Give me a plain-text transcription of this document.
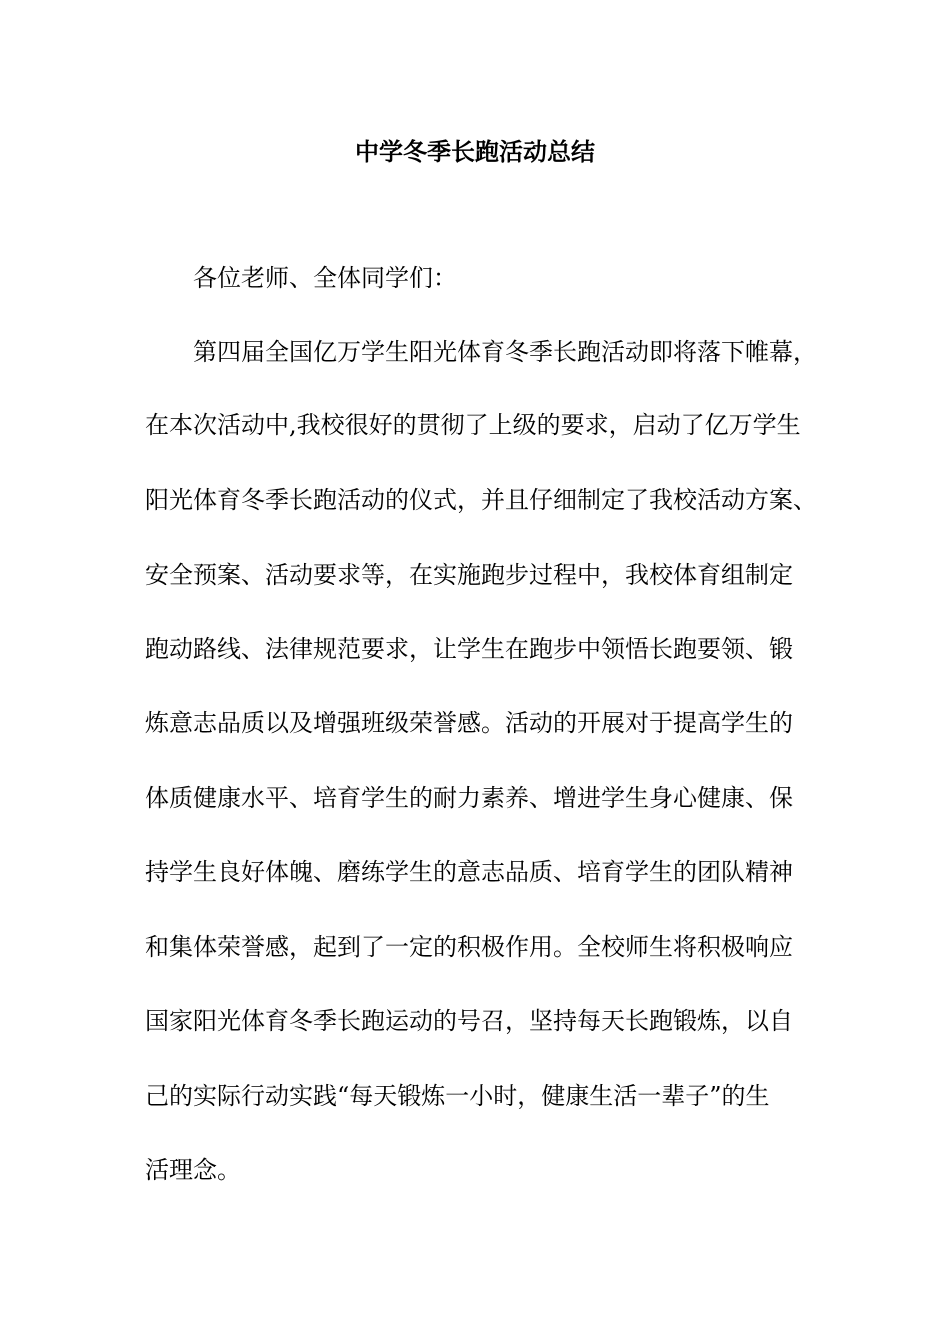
中学冬季长跑活动总结

各位老师、全体同学们：

第四届全国亿万学生阳光体育冬季长跑活动即将落下帷幕，

在本次活动中,我校很好的贯彻了上级的要求，启动了亿万学生

阳光体育冬季长跑活动的仪式，并且仔细制定了我校活动方案、

安全预案、活动要求等，在实施跑步过程中，我校体育组制定

跑动路线、法律规范要求，让学生在跑步中领悟长跑要领、锻

炼意志品质以及增强班级荣誉感。活动的开展对于提高学生的

体质健康水平、培育学生的耐力素养、增进学生身心健康、保

持学生良好体魄、磨练学生的意志品质、培育学生的团队精神

和集体荣誉感，起到了一定的积极作用。全校师生将积极响应

国家阳光体育冬季长跑运动的号召，坚持每天长跑锻炼，以自

己的实际行动实践“每天锻炼一小时，健康生活一辈子”的生

活理念。
